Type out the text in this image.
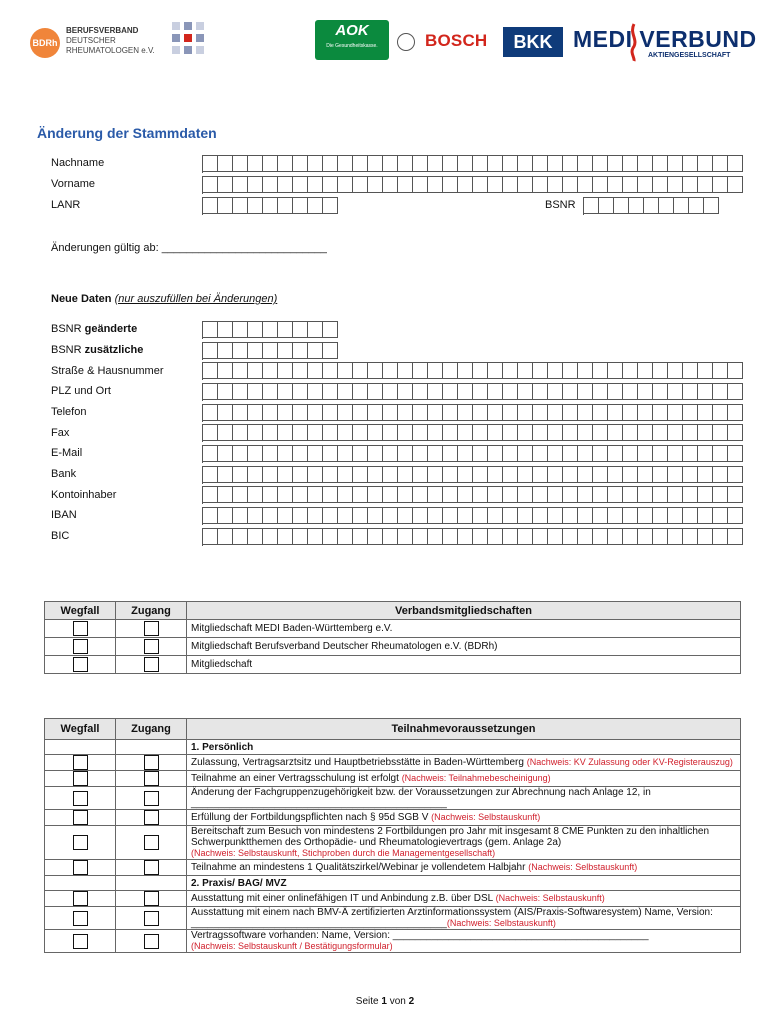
BDRh
BERUFSVERBAND
DEUTSCHER
RHEUMATOLOGEN e.V.
AOK
Die Gesundheitskasse.	BOSCH	BKK MEDI VERBUND
AKTIENGESELLSCHAFT
Änderung der Stammdaten
Nachname
Vorname
LANR	BSNR
Änderungen gültig ab: ___________________________
Neue Daten (nur auszufüllen bei Änderungen)
BSNR geänderte
BSNR zusätzliche
Straße & Hausnummer
PLZ und Ort
Telefon
Fax
E-Mail
Bank
Kontoinhaber
IBAN
BIC
Wegfall	Zugang	Verbandsmitgliedschaften
		Mitgliedschaft MEDI Baden-Württemberg e.V.
		Mitgliedschaft Berufsverband Deutscher Rheumatologen e.V. (BDRh)
		Mitgliedschaft
Wegfall	Zugang	Teilnahmevoraussetzungen
		1. Persönlich
		Zulassung, Vertragsarztsitz und Hauptbetriebsstätte in Baden-Württemberg (Nachweis: KV Zulassung oder KV-Registerauszug)
		Teilnahme an einer Vertragsschulung ist erfolgt (Nachweis: Teilnahmebescheinigung)
		Änderung der Fachgruppenzugehörigkeit bzw. der Voraussetzungen zur Abrechnung nach Anlage 12, in ______________________________________________
		Erfüllung der Fortbildungspflichten nach § 95d SGB V (Nachweis: Selbstauskunft)
		Bereitschaft zum Besuch von mindestens 2 Fortbildungen pro Jahr mit insgesamt 8 CME Punkten zu den inhaltlichen Schwerpunktthemen des Orthopädie- und Rheumatologievertrags (gem. Anlage 2a)
(Nachweis: Selbstauskunft, Stichproben durch die Managementgesellschaft)
		Teilnahme an mindestens 1 Qualitätszirkel/Webinar je vollendetem Halbjahr (Nachweis: Selbstauskunft)
		2. Praxis/ BAG/ MVZ
		Ausstattung mit einer onlinefähigen IT und Anbindung z.B. über DSL (Nachweis: Selbstauskunft)
		Ausstattung mit einem nach BMV-Ä zertifizierten Arztinformationssystem (AIS/Praxis-Softwaresystem) Name, Version: ______________________________________________(Nachweis: Selbstauskunft)
		Vertragssoftware vorhanden: Name, Version: ______________________________________________
(Nachweis: Selbstauskunft / Bestätigungsformular)
Seite 1 von 2
